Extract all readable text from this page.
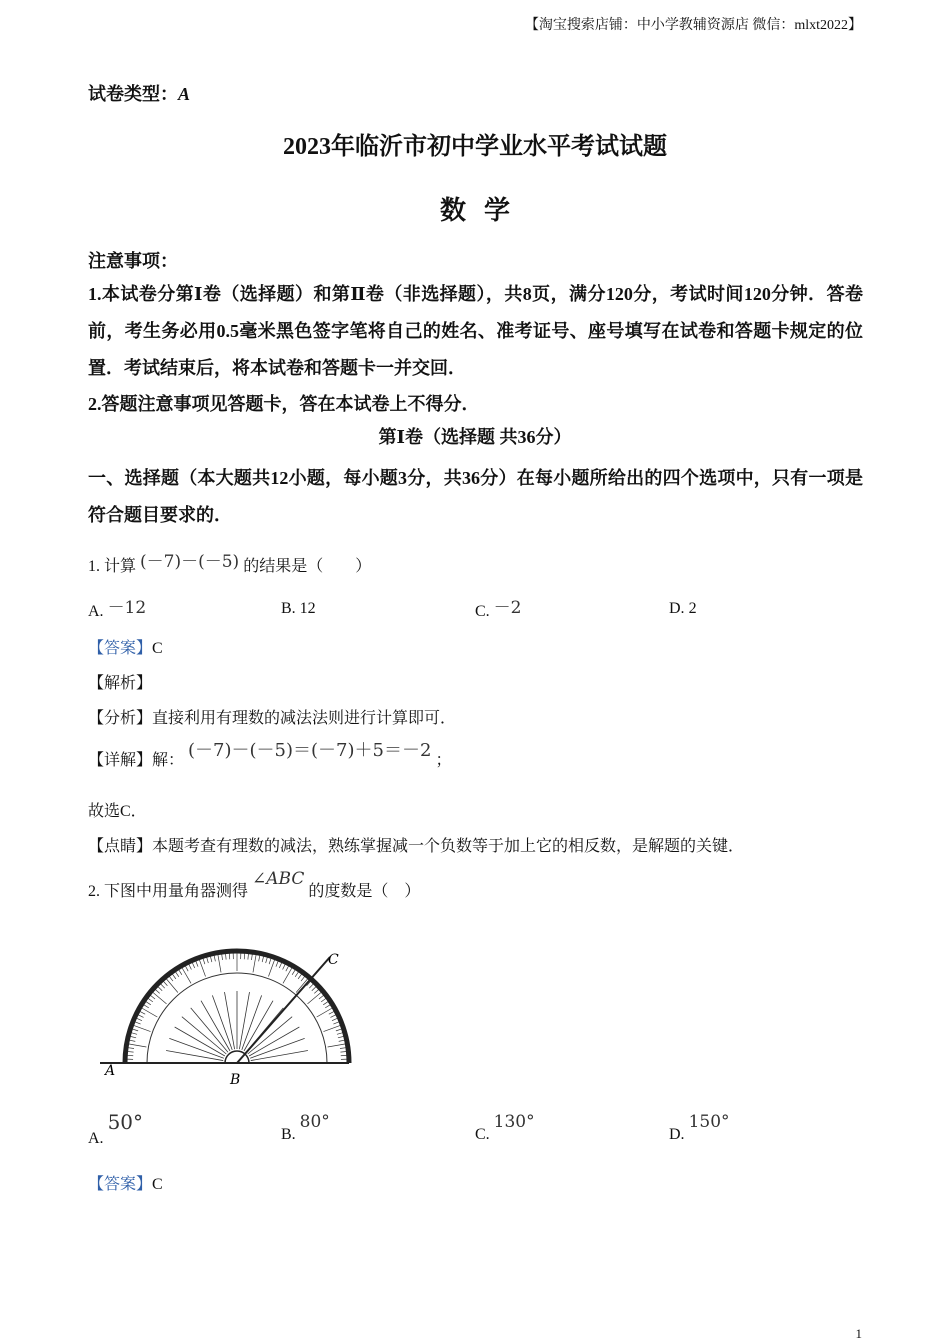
【淘宝搜索店铺：中小学教辅资源店 微信：mlxt2022】
试卷类型：A
2023年临沂市初中学业水平考试试题
数学
注意事项：
1.本试卷分第Ⅰ卷（选择题）和第Ⅱ卷（非选择题），共8页，满分120分，考试时间120分钟．答卷前，考生务必用0.5毫米黑色签字笔将自己的姓名、准考证号、座号填写在试卷和答题卡规定的位置．考试结束后，将本试卷和答题卡一并交回．
2.答题注意事项见答题卡，答在本试卷上不得分．
第Ⅰ卷（选择题 共36分）
一、选择题（本大题共12小题，每小题3分，共36分）在每小题所给出的四个选项中，只有一项是符合题目要求的．
1. 计算 (－7)－(－5) 的结果是（　　）
A. －12	B. 12	C. －2	D. 2
【答案】C
【解析】
【分析】直接利用有理数的减法法则进行计算即可．
【详解】解： (－7)－(－5)＝(－7)＋5＝－2 ；
故选C．
【点睛】本题考查有理数的减法，熟练掌握减一个负数等于加上它的相反数，是解题的关键．
2. 下图中用量角器测得 ∠ABC 的度数是（　）
A
B
C
A. 50°
B. 80°
C. 130°
D. 150°
【答案】C
1
